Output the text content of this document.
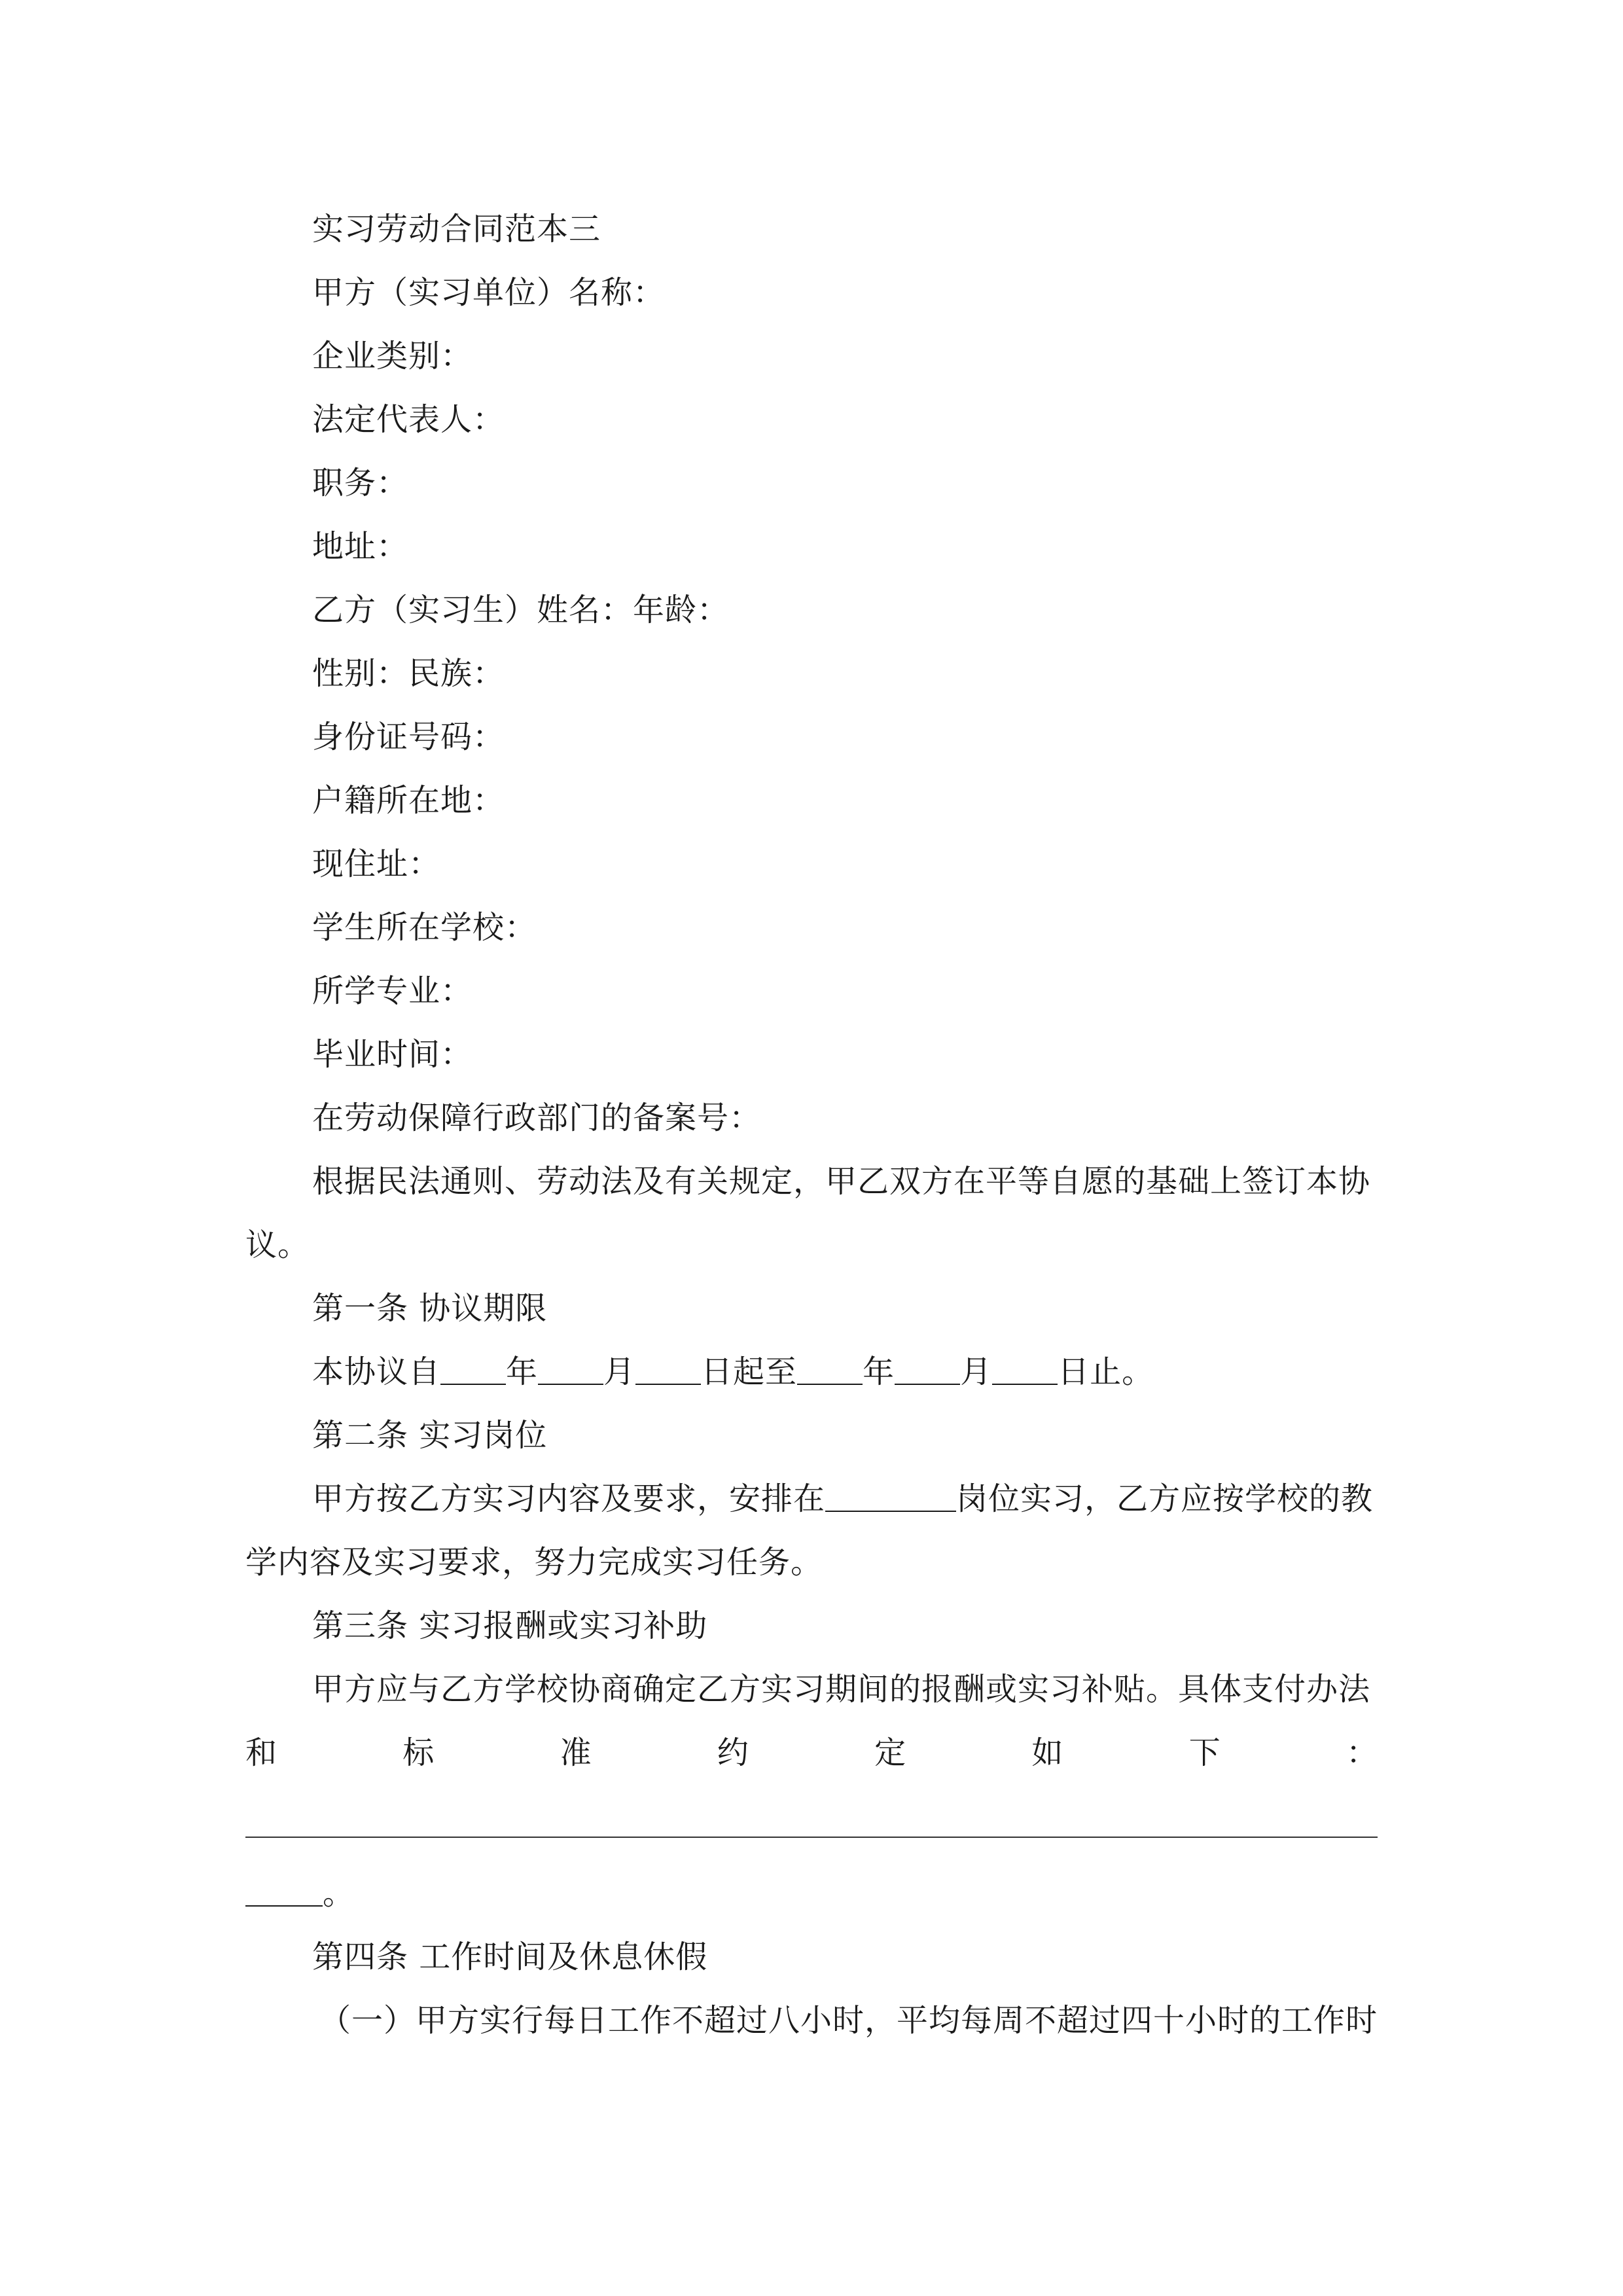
实习劳动合同范本三
甲方（实习单位）名称：
企业类别：
法定代表人：
职务：
地址：
乙方（实习生）姓名：年龄：
性别：民族：
身份证号码：
户籍所在地：
现住址：
学生所在学校：
所学专业：
毕业时间：
在劳动保障行政部门的备案号：
根据民法通则、劳动法及有关规定，甲乙双方在平等自愿的基础上签订本协
议。
第一条 协议期限
本协议自 年 月 日起至 年 月 日止。
第二条 实习岗位
甲方按乙方实习内容及要求，安排在	岗位实习，乙方应按学校的教
学内容及实习要求，努力完成实习任务。
第三条 实习报酬或实习补助
甲方应与乙方学校协商确定乙方实习期间的报酬或实习补贴。具体支付办法
和	标	准	约	定	如	下	：
。
第四条 工作时间及休息休假
（一）甲方实行每日工作不超过八小时，平均每周不超过四十小时的工作时
